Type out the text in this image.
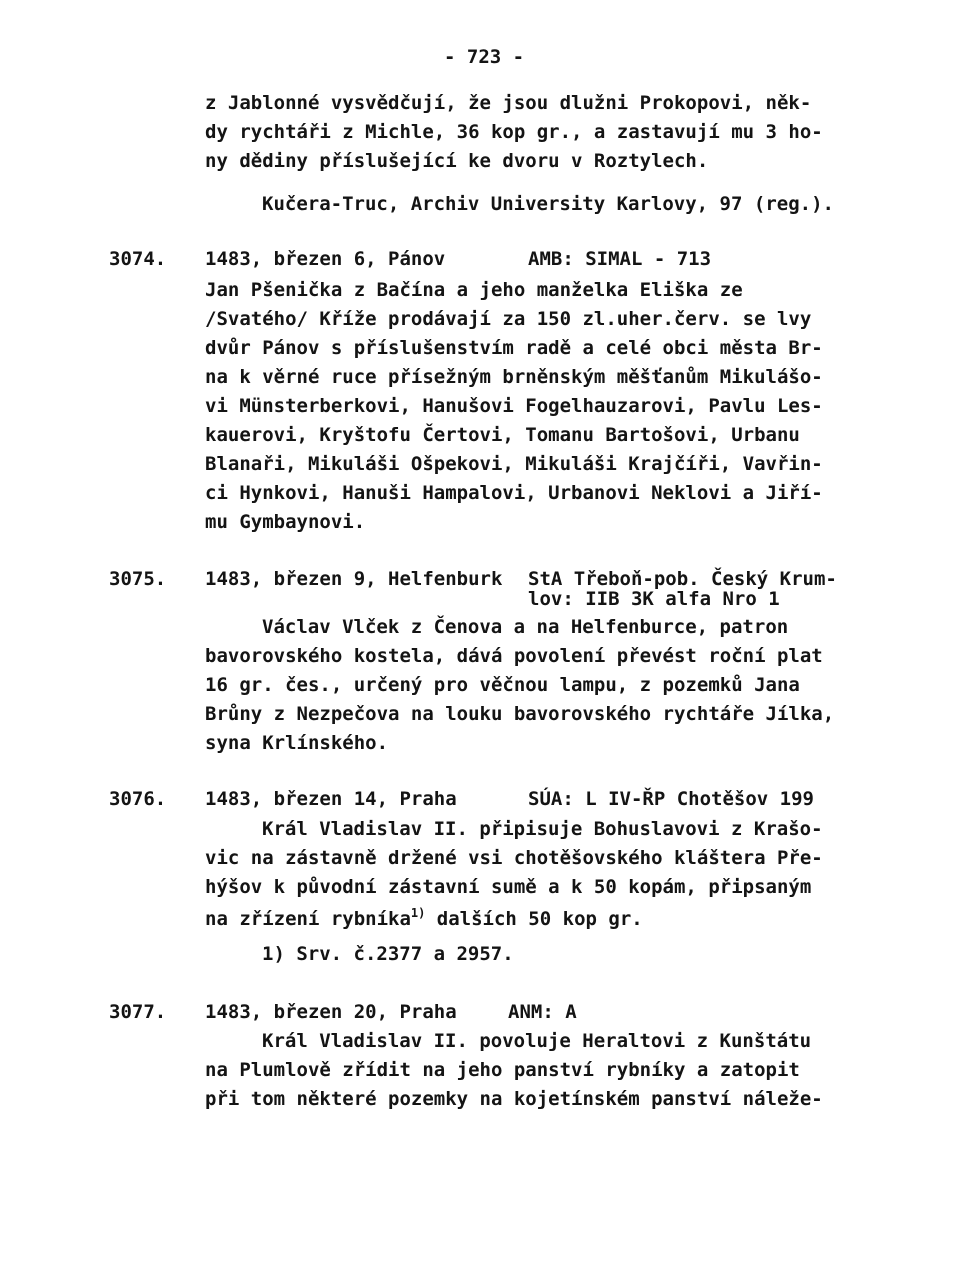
- 723 -
z Jablonné vysvědčují, že jsou dlužni Prokopovi, něk-
dy rychtáři z Michle, 36 kop gr., a zastavují mu 3 ho-
ny dědiny příslušející ke dvoru v Roztylech.
Kučera-Truc, Archiv University Karlovy, 97 (reg.).
3074. 1483, březen 6, Pánov	AMB: SIMAL - 713
Jan Pšenička z Bačína a jeho manželka Eliška ze
/Svatého/ Kříže prodávají za 150 zl.uher.červ. se lvy
dvůr Pánov s příslušenstvím radě a celé obci města Br-
na k věrné ruce přísežným brněnským měšťanům Mikulášo-
vi Münsterberkovi, Hanušovi Fogelhauzarovi, Pavlu Les-
kauerovi, Kryštofu Čertovi, Tomanu Bartošovi, Urbanu
Blanaři, Mikuláši Ošpekovi, Mikuláši Krajčíři, Vavřin-
ci Hynkovi, Hanuši Hampalovi, Urbanovi Neklovi a Jiří-
mu Gymbaynovi.
3075. 1483, březen 9, Helfenburk StA Třeboň-pob. Český Krum-
lov: IIB 3K alfa Nro 1
Václav Vlček z Čenova a na Helfenburce, patron
bavorovského kostela, dává povolení převést roční plat
16 gr. čes., určený pro věčnou lampu, z pozemků Jana
Brůny z Nezpečova na louku bavorovského rychtáře Jílka,
syna Krlínského.
3076. 1483, březen 14, Praha	SÚA: L IV-ŘP Chotěšov 199
Král Vladislav II. připisuje Bohuslavovi z Krašo-
vic na zástavně držené vsi chotěšovského kláštera Pře-
hýšov k původní zástavní sumě a k 50 kopám, připsaným
na zřízení rybníka$^{1)}$ dalších 50 kop gr.
1) Srv. č.2377 a 2957.
3077. 1483, březen 20, Praha	ANM: A
Král Vladislav II. povoluje Heraltovi z Kunštátu
na Plumlově zřídit na jeho panství rybníky a zatopit
při tom některé pozemky na kojetínském panství náleže-
